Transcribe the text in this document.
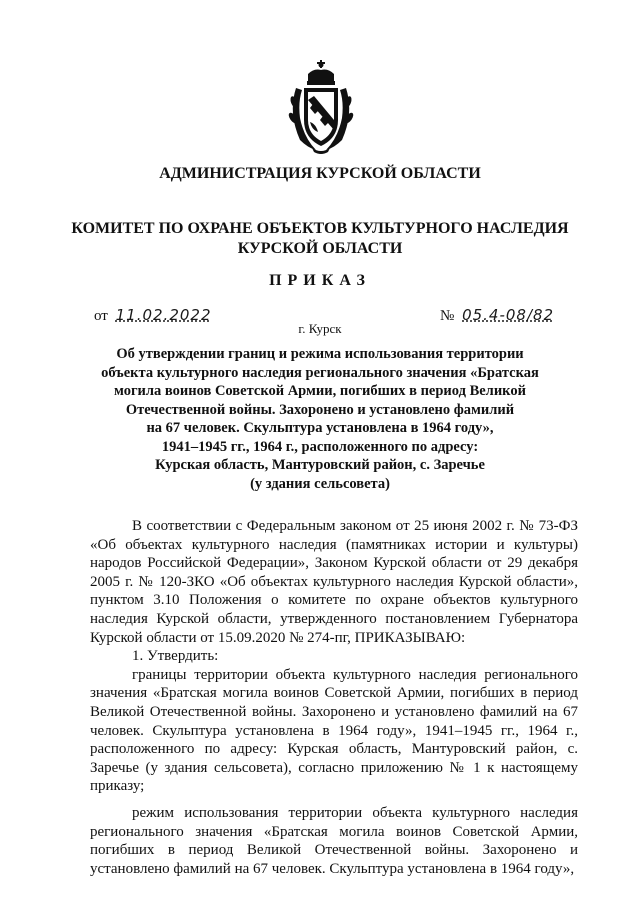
АДМИНИСТРАЦИЯ КУРСКОЙ ОБЛАСТИ
КОМИТЕТ ПО ОХРАНЕ ОБЪЕКТОВ КУЛЬТУРНОГО НАСЛЕДИЯ
КУРСКОЙ ОБЛАСТИ
ПРИКАЗ
от 11.02.2022	№ 05.4-08/82
г. Курск
Об утверждении границ и режима использования территории
объекта культурного наследия регионального значения «Братская
могила воинов Советской Армии, погибших в период Великой
Отечественной войны. Захоронено и установлено фамилий
на 67 человек. Скульптура установлена в 1964 году»,
1941–1945 гг., 1964 г., расположенного по адресу:
Курская область, Мантуровский район, с. Заречье
(у здания сельсовета)

В соответствии с Федеральным законом от 25 июня 2002 г. № 73-ФЗ «Об объектах культурного наследия (памятниках истории и культуры) народов Российской Федерации», Законом Курской области от 29 декабря 2005 г. № 120-ЗКО «Об объектах культурного наследия Курской области», пунктом 3.10 Положения о комитете по охране объектов культурного наследия Курской области, утвержденного постановлением Губернатора Курской области от 15.09.2020 № 274-пг, ПРИКАЗЫВАЮ:

1. Утвердить:

границы территории объекта культурного наследия регионального значения «Братская могила воинов Советской Армии, погибших в период Великой Отечественной войны. Захоронено и установлено фамилий на 67 человек. Скульптура установлена в 1964 году», 1941–1945 гг., 1964 г., расположенного по адресу: Курская область, Мантуровский район, с. Заречье (у здания сельсовета), согласно приложению № 1 к настоящему приказу;

режим использования территории объекта культурного наследия регионального значения «Братская могила воинов Советской Армии, погибших в период Великой Отечественной войны. Захоронено и установлено фамилий на 67 человек. Скульптура установлена в 1964 году»,
